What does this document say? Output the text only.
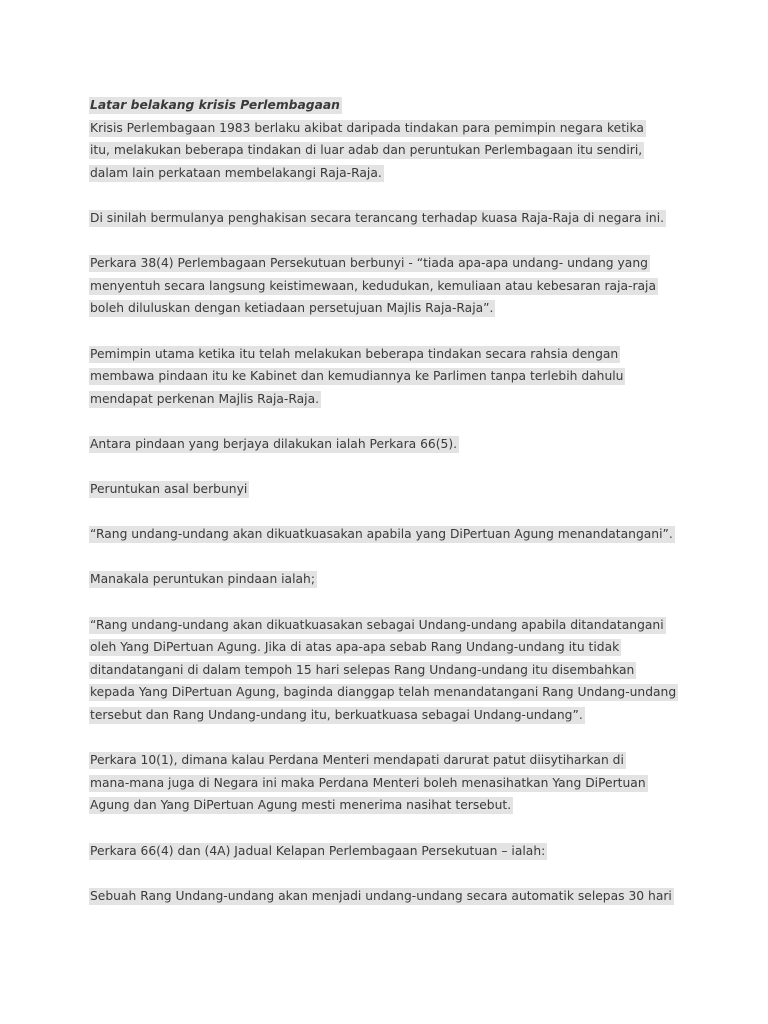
Latar belakang krisis Perlembagaan
Krisis Perlembagaan 1983 berlaku akibat daripada tindakan para pemimpin negara ketika
itu, melakukan beberapa tindakan di luar adab dan peruntukan Perlembagaan itu sendiri,
dalam lain perkataan membelakangi Raja-Raja.
Di sinilah bermulanya penghakisan secara terancang terhadap kuasa Raja-Raja di negara ini.
Perkara 38(4) Perlembagaan Persekutuan berbunyi - “tiada apa-apa undang- undang yang
menyentuh secara langsung keistimewaan, kedudukan, kemuliaan atau kebesaran raja-raja
boleh diluluskan dengan ketiadaan persetujuan Majlis Raja-Raja”.
Pemimpin utama ketika itu telah melakukan beberapa tindakan secara rahsia dengan
membawa pindaan itu ke Kabinet dan kemudiannya ke Parlimen tanpa terlebih dahulu
mendapat perkenan Majlis Raja-Raja.
Antara pindaan yang berjaya dilakukan ialah Perkara 66(5).
Peruntukan asal berbunyi
“Rang undang-undang akan dikuatkuasakan apabila yang DiPertuan Agung menandatangani”.
Manakala peruntukan pindaan ialah;
“Rang undang-undang akan dikuatkuasakan sebagai Undang-undang apabila ditandatangani
oleh Yang DiPertuan Agung. Jika di atas apa-apa sebab Rang Undang-undang itu tidak
ditandatangani di dalam tempoh 15 hari selepas Rang Undang-undang itu disembahkan
kepada Yang DiPertuan Agung, baginda dianggap telah menandatangani Rang Undang-undang
tersebut dan Rang Undang-undang itu, berkuatkuasa sebagai Undang-undang”.
Perkara 10(1), dimana kalau Perdana Menteri mendapati darurat patut diisytiharkan di
mana-mana juga di Negara ini maka Perdana Menteri boleh menasihatkan Yang DiPertuan
Agung dan Yang DiPertuan Agung mesti menerima nasihat tersebut.
Perkara 66(4) dan (4A) Jadual Kelapan Perlembagaan Persekutuan – ialah:
Sebuah Rang Undang-undang akan menjadi undang-undang secara automatik selepas 30 hari
